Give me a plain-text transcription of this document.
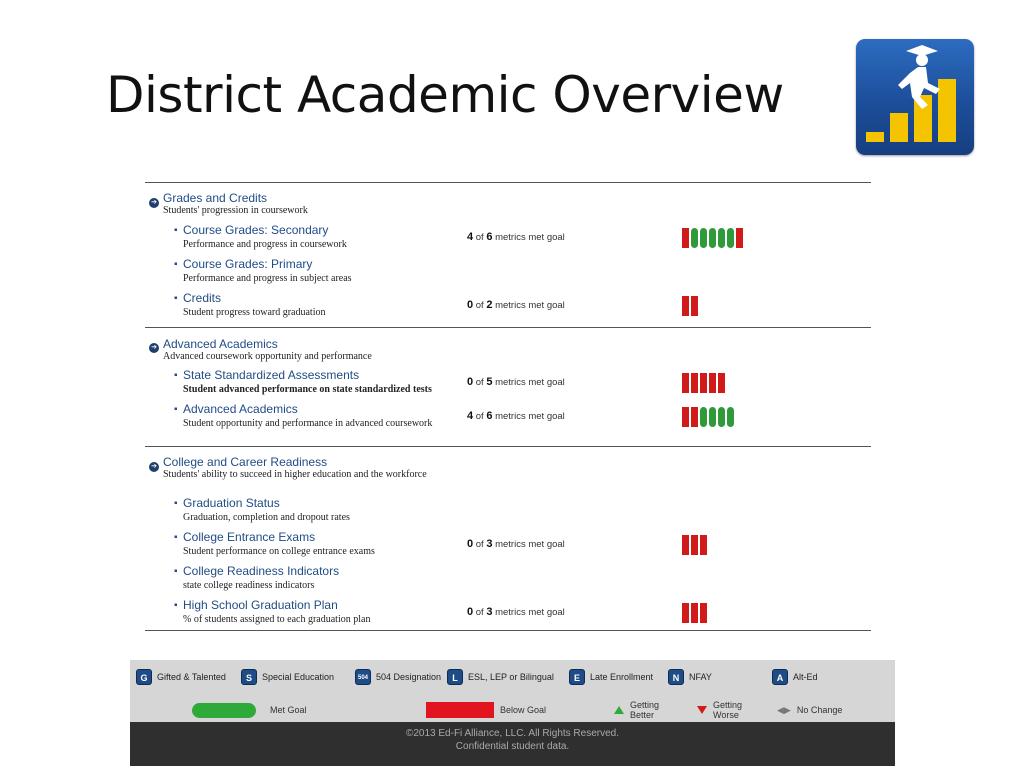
District Academic Overview
➔ Grades and Credits
Students' progression in coursework
▪ Course Grades: Secondary
Performance and progress in coursework
4 of 6 metrics met goal
▪ Course Grades: Primary
Performance and progress in subject areas
▪ Credits
Student progress toward graduation
0 of 2 metrics met goal
➔ Advanced Academics
Advanced coursework opportunity and performance
▪ State Standardized Assessments
Student advanced performance on state standardized tests
0 of 5 metrics met goal
▪ Advanced Academics
Student opportunity and performance in advanced coursework
4 of 6 metrics met goal
➔ College and Career Readiness
Students' ability to succeed in higher education and the workforce
▪ Graduation Status
Graduation, completion and dropout rates
▪ College Entrance Exams
Student performance on college entrance exams
0 of 3 metrics met goal
▪ College Readiness Indicators
state college readiness indicators
▪ High School Graduation Plan
% of students assigned to each graduation plan
0 of 3 metrics met goal
G	Gifted & Talented	S	Special Education	504 504 Designation	L	ESL, LEP or Bilingual	E	Late Enrollment	N	NFAY	A	Alt-Ed
Met Goal	Below Goal	Getting
Better
Getting
Worse
◀▶ No Change
©2013 Ed-Fi Alliance, LLC. All Rights Reserved.
Confidential student data.
